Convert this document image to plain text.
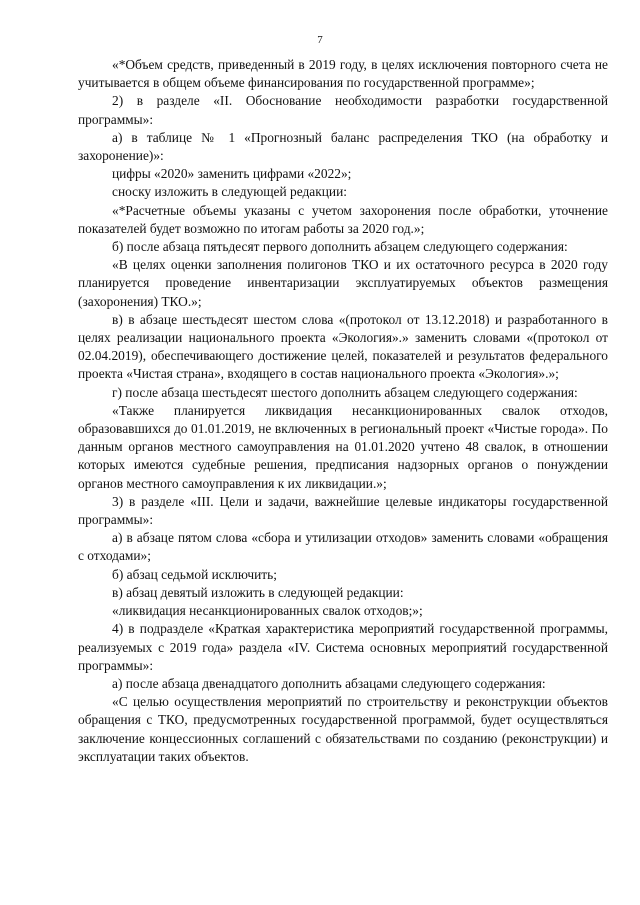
7

«*Объем средств, приведенный в 2019 году, в целях исключения повторного счета не учитывается в общем объеме финансирования по государственной программе»;

2) в разделе «II. Обоснование необходимости разработки государственной программы»:

а) в таблице № 1 «Прогнозный баланс распределения ТКО (на обработку и захоронение)»:

цифры «2020» заменить цифрами «2022»;

сноску изложить в следующей редакции:

«*Расчетные объемы указаны с учетом захоронения после обработки, уточнение показателей будет возможно по итогам работы за 2020 год.»;

б) после абзаца пятьдесят первого дополнить абзацем следующего содержания:

«В целях оценки заполнения полигонов ТКО и их остаточного ресурса в 2020 году планируется проведение инвентаризации эксплуатируемых объектов размещения (захоронения) ТКО.»;

в) в абзаце шестьдесят шестом слова «(протокол от 13.12.2018) и разработанного в целях реализации национального проекта «Экология».» заменить словами «(протокол от 02.04.2019), обеспечивающего достижение целей, показателей и результатов федерального проекта «Чистая страна», входящего в состав национального проекта «Экология».»;

г) после абзаца шестьдесят шестого дополнить абзацем следующего содержания:

«Также планируется ликвидация несанкционированных свалок отходов, образовавшихся до 01.01.2019, не включенных в региональный проект «Чистые города». По данным органов местного самоуправления на 01.01.2020 учтено 48 свалок, в отношении которых имеются судебные решения, предписания надзорных органов о понуждении органов местного самоуправления к их ликвидации.»;

3) в разделе «III. Цели и задачи, важнейшие целевые индикаторы государственной программы»:

а) в абзаце пятом слова «сбора и утилизации отходов» заменить словами «обращения с отходами»;

б) абзац седьмой исключить;

в) абзац девятый изложить в следующей редакции:

«ликвидация несанкционированных свалок отходов;»;

4) в подразделе «Краткая характеристика мероприятий государственной программы, реализуемых с 2019 года» раздела «IV. Система основных мероприятий государственной программы»:

а) после абзаца двенадцатого дополнить абзацами следующего содержания:

«С целью осуществления мероприятий по строительству и реконструкции объектов обращения с ТКО, предусмотренных государственной программой, будет осуществляться заключение концессионных соглашений с обязательствами по созданию (реконструкции) и эксплуатации таких объектов.
